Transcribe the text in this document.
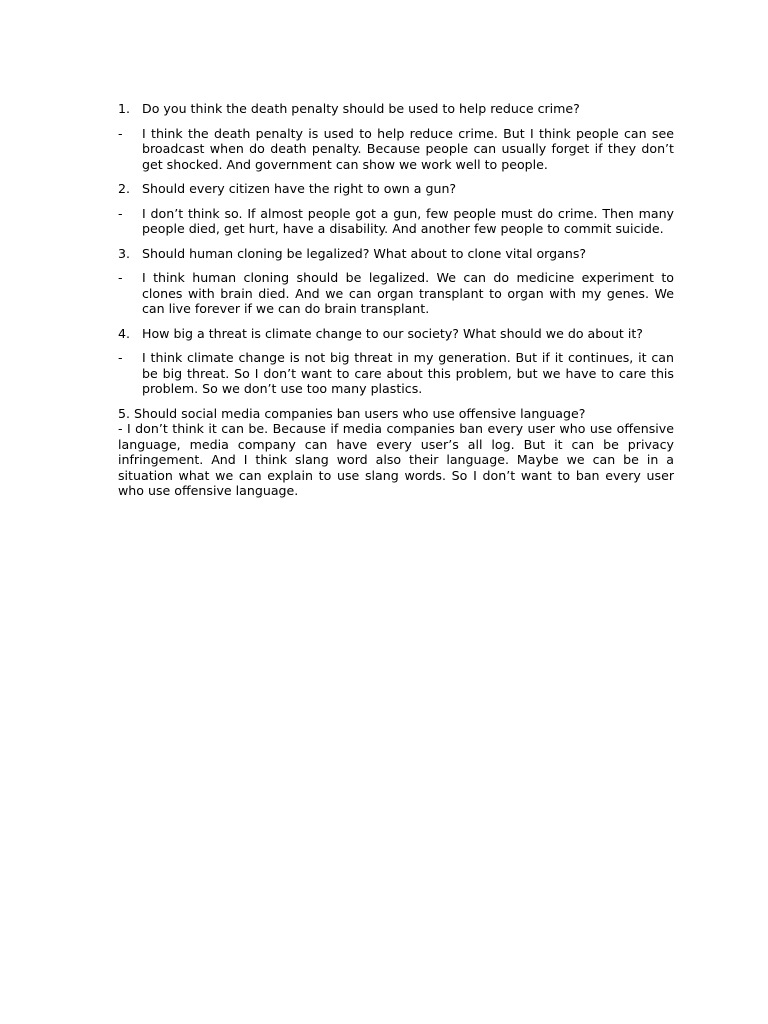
1. Do you think the death penalty should be used to help reduce crime?
-	I think the death penalty is used to help reduce crime. But I think people can see broadcast when do death penalty. Because people can usually forget if they don’t get shocked. And government can show we work well to people.
2. Should every citizen have the right to own a gun?
-	I don’t think so. If almost people got a gun, few people must do crime. Then many people died, get hurt, have a disability. And another few people to commit suicide.
3. Should human cloning be legalized? What about to clone vital organs?
-	I think human cloning should be legalized. We can do medicine experiment to clones with brain died. And we can organ transplant to organ with my genes. We can live forever if we can do brain transplant.
4. How big a threat is climate change to our society? What should we do about it?
-	I think climate change is not big threat in my generation. But if it continues, it can be big threat. So I don’t want to care about this problem, but we have to care this problem. So we don’t use too many plastics.

5. Should social media companies ban users who use offensive language?

- I don’t think it can be. Because if media companies ban every user who use offensive language, media company can have every user’s all log. But it can be privacy infringement. And I think slang word also their language. Maybe we can be in a situation what we can explain to use slang words. So I don’t want to ban every user who use offensive language.
